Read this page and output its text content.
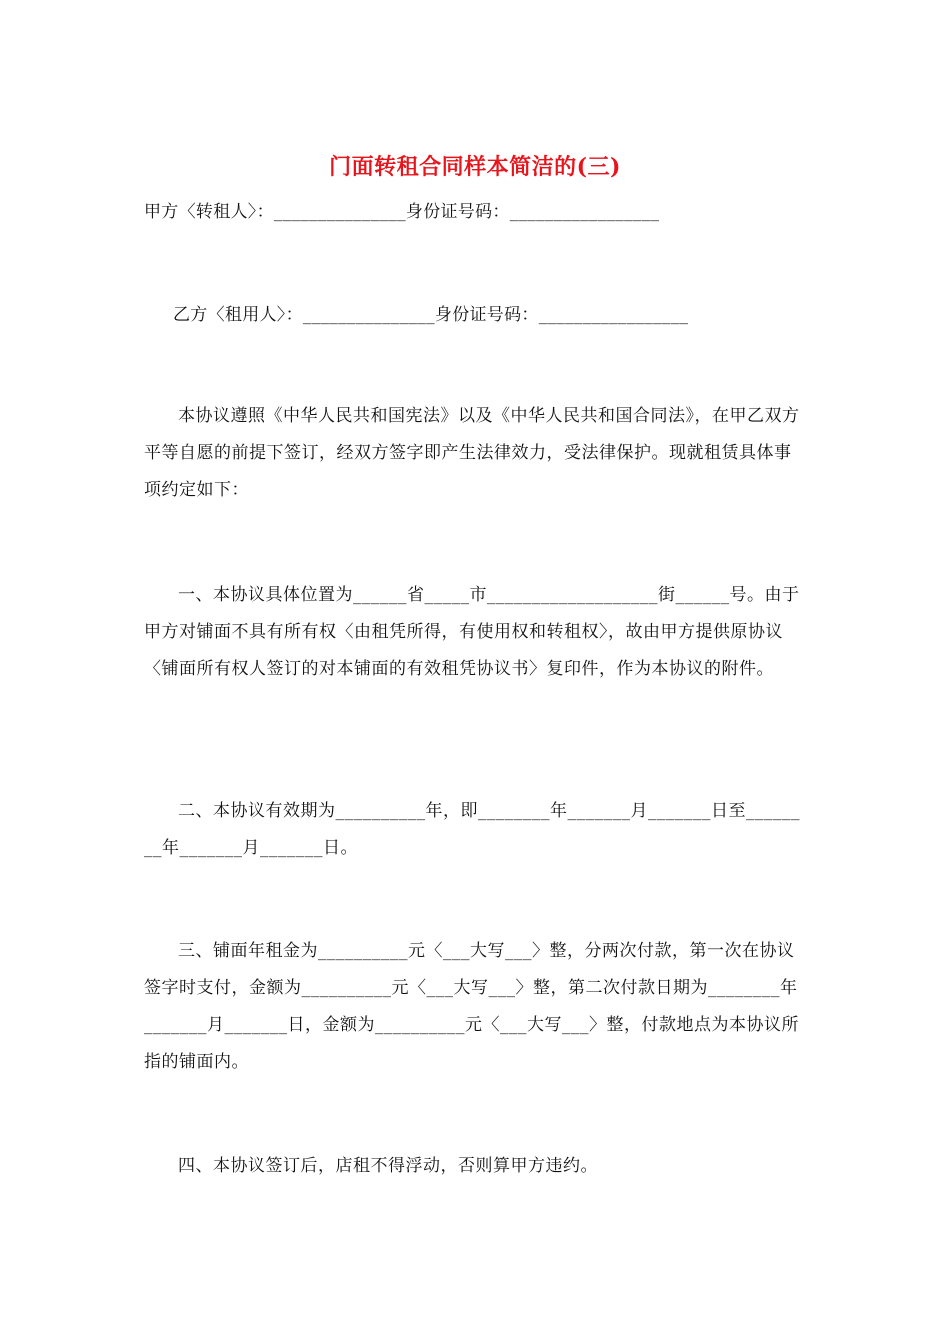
门面转租合同样本简洁的(三)
甲方〈转租人〉：_______________身份证号码：_________________
乙方〈租用人〉：_______________身份证号码：_________________
本协议遵照《中华人民共和国宪法》以及《中华人民共和国合同法》，在甲乙双方平等自愿的前提下签订，经双方签字即产生法律效力，受法律保护。现就租赁具体事项约定如下：
一、本协议具体位置为______省_____市___________________街______号。由于甲方对铺面不具有所有权〈由租凭所得，有使用权和转租权〉，故由甲方提供原协议〈铺面所有权人签订的对本铺面的有效租凭协议书〉复印件，作为本协议的附件。
二、本协议有效期为__________年，即________年_______月_______日至________年_______月_______日。
三、铺面年租金为__________元〈___大写___〉整，分两次付款，第一次在协议签字时支付，金额为__________元〈___大写___〉整，第二次付款日期为________年_______月_______日，金额为__________元〈___大写___〉整，付款地点为本协议所指的铺面内。
四、本协议签订后，店租不得浮动，否则算甲方违约。
